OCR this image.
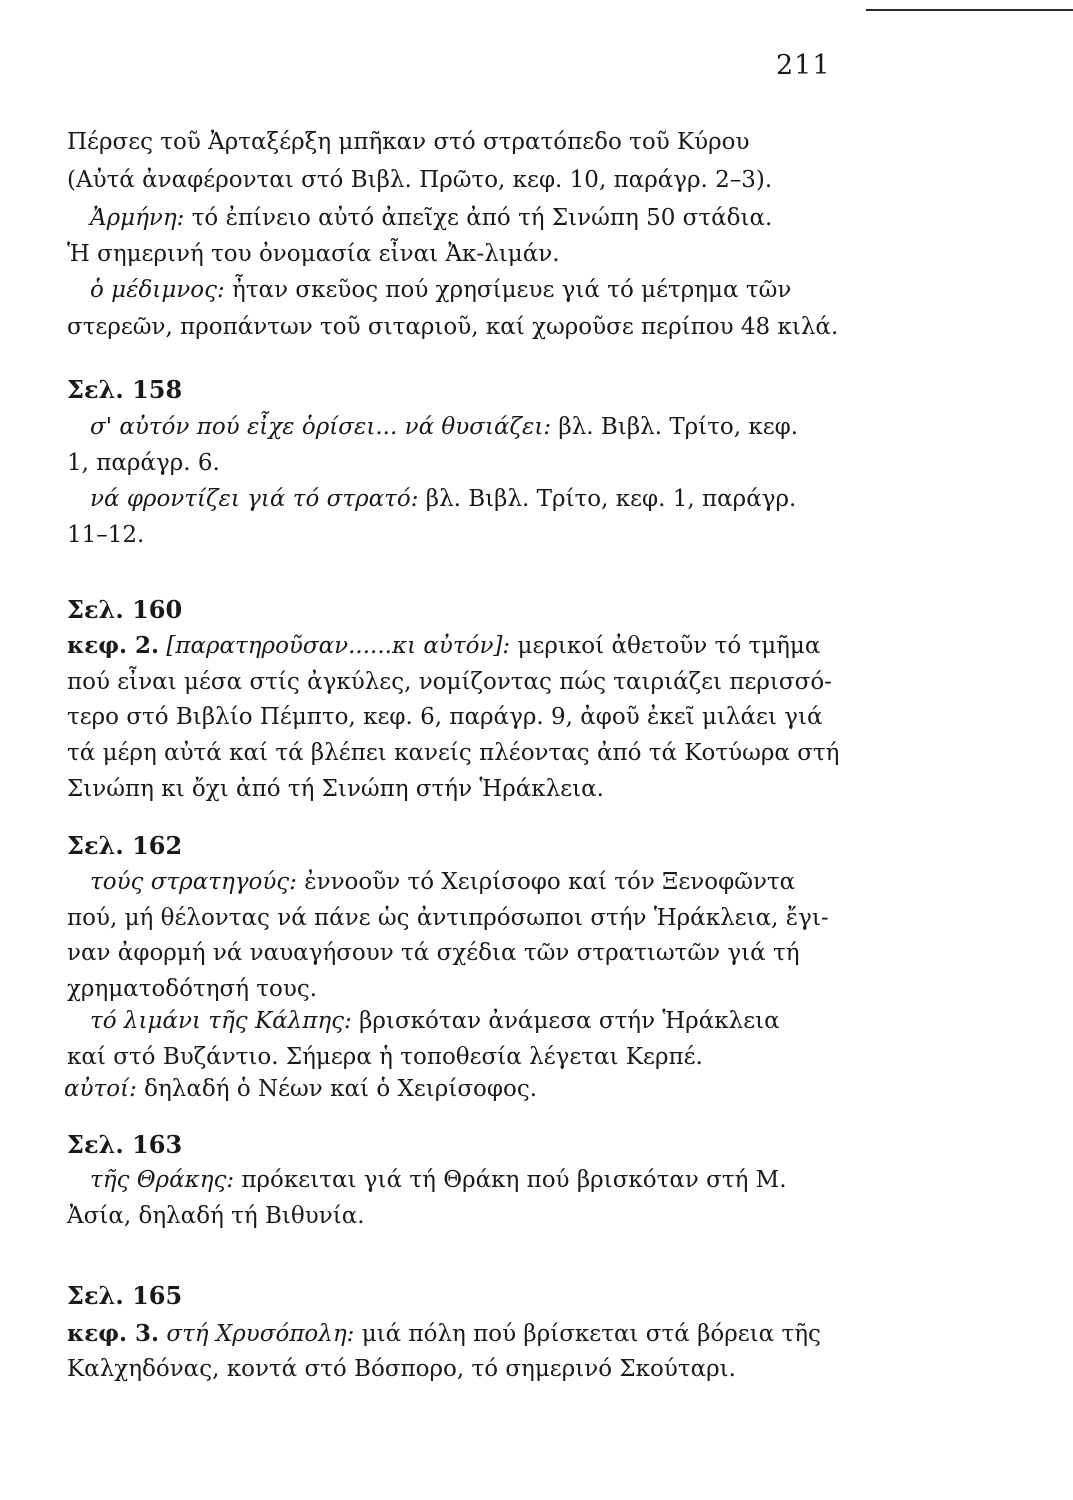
211
Πέρσες τοῦ Ἀρταξέρξη μπῆκαν στό στρατόπεδο τοῦ Κύρου
(Αὐτά ἀναφέρονται στό Βιβλ. Πρῶτο, κεφ. 10, παράγρ. 2–3).
Ἀρμήνη: τό ἐπίνειο αὐτό ἀπεῖχε ἀπό τή Σινώπη 50 στάδια.
Ἡ σημερινή του ὀνομασία εἶναι Ἀκ-λιμάν.
ὁ μέδιμνος: ἦταν σκεῦος πού χρησίμευε γιά τό μέτρημα τῶν
στερεῶν, προπάντων τοῦ σιταριοῦ, καί χωροῦσε περίπου 48 κιλά.
Σελ. 158
σ' αὐτόν πού εἶχε ὁρίσει... νά θυσιάζει: βλ. Βιβλ. Τρίτο, κεφ.
1, παράγρ. 6.
νά φροντίζει γιά τό στρατό: βλ. Βιβλ. Τρίτο, κεφ. 1, παράγρ.
11–12.
Σελ. 160
κεφ. 2. [παρατηροῦσαν......κι αὐτόν]: μερικοί ἀθετοῦν τό τμῆμα
πού εἶναι μέσα στίς ἀγκύλες, νομίζοντας πώς ταιριάζει περισσό-
τερο στό Βιβλίο Πέμπτο, κεφ. 6, παράγρ. 9, ἀφοῦ ἐκεῖ μιλάει γιά
τά μέρη αὐτά καί τά βλέπει κανείς πλέοντας ἀπό τά Κοτύωρα στή
Σινώπη κι ὄχι ἀπό τή Σινώπη στήν Ἡράκλεια.
Σελ. 162
τούς στρατηγούς: ἐννοοῦν τό Χειρίσοφο καί τόν Ξενοφῶντα
πού, μή θέλοντας νά πάνε ὡς ἀντιπρόσωποι στήν Ἡράκλεια, ἔγι-
ναν ἀφορμή νά ναυαγήσουν τά σχέδια τῶν στρατιωτῶν γιά τή
χρηματοδότησή τους.
τό λιμάνι τῆς Κάλπης: βρισκόταν ἀνάμεσα στήν Ἡράκλεια
καί στό Βυζάντιο. Σήμερα ἡ τοποθεσία λέγεται Κερπέ.
αὐτοί: δηλαδή ὁ Νέων καί ὁ Χειρίσοφος.
Σελ. 163
τῆς Θράκης: πρόκειται γιά τή Θράκη πού βρισκόταν στή Μ.
Ἀσία, δηλαδή τή Βιθυνία.
Σελ. 165
κεφ. 3. στή Χρυσόπολη: μιά πόλη πού βρίσκεται στά βόρεια τῆς
Καλχηδόνας, κοντά στό Βόσπορο, τό σημερινό Σκούταρι.
